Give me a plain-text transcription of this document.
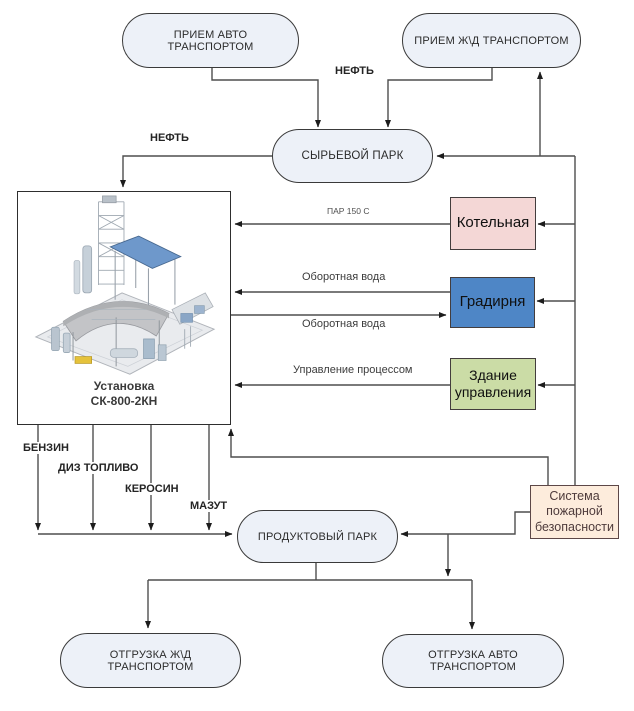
ПРИЕМ АВТО ТРАНСПОРТОМ	ПРИЕМ Ж\Д ТРАНСПОРТОМ
СЫРЬЕВОЙ ПАРК
ПРОДУКТОВЫЙ ПАРК
ОТГРУЗКА Ж\Д ТРАНСПОРТОМ
ОТГРУЗКА АВТО ТРАНСПОРТОМ
Котельная
Градирня
Здание управления
Система пожарной безопасности
Установка
СК-800-2КН
НЕФТЬ
НЕФТЬ
ПАР 150 С
Оборотная вода
Оборотная вода
Управление процессом
БЕНЗИН
ДИЗ ТОПЛИВО
КЕРОСИН
МАЗУТ
